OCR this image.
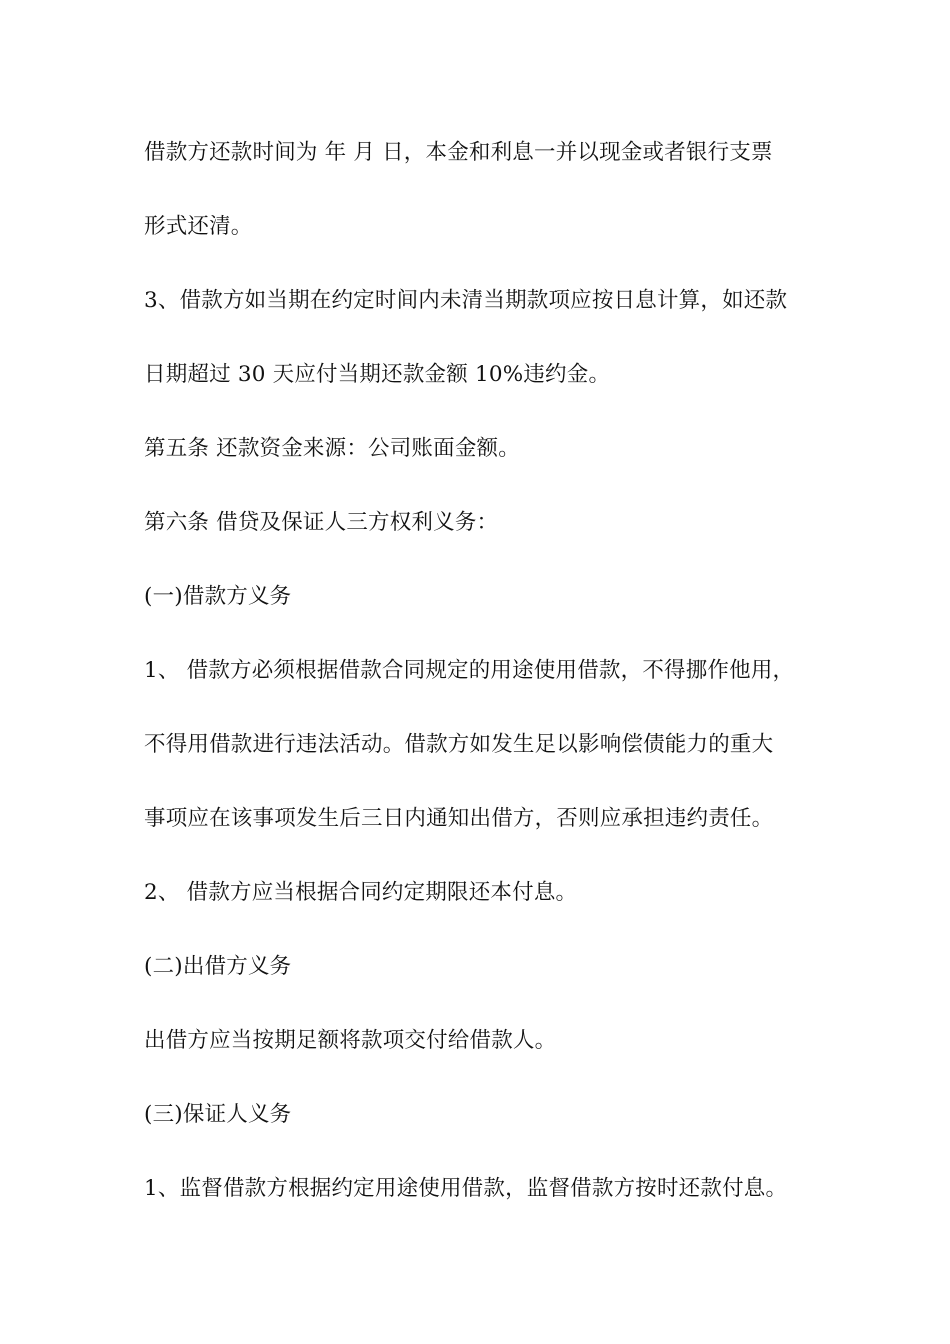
借款方还款时间为 年 月 日，本金和利息一并以现金或者银行支票

形式还清。

3、借款方如当期在约定时间内未清当期款项应按日息计算，如还款

日期超过 30 天应付当期还款金额 10%违约金。

第五条 还款资金来源：公司账面金额。

第六条 借贷及保证人三方权利义务：

(一)借款方义务

1、 借款方必须根据借款合同规定的用途使用借款，不得挪作他用，

不得用借款进行违法活动。借款方如发生足以影响偿债能力的重大

事项应在该事项发生后三日内通知出借方，否则应承担违约责任。

2、 借款方应当根据合同约定期限还本付息。

(二)出借方义务

出借方应当按期足额将款项交付给借款人。

(三)保证人义务

1、监督借款方根据约定用途使用借款，监督借款方按时还款付息。
